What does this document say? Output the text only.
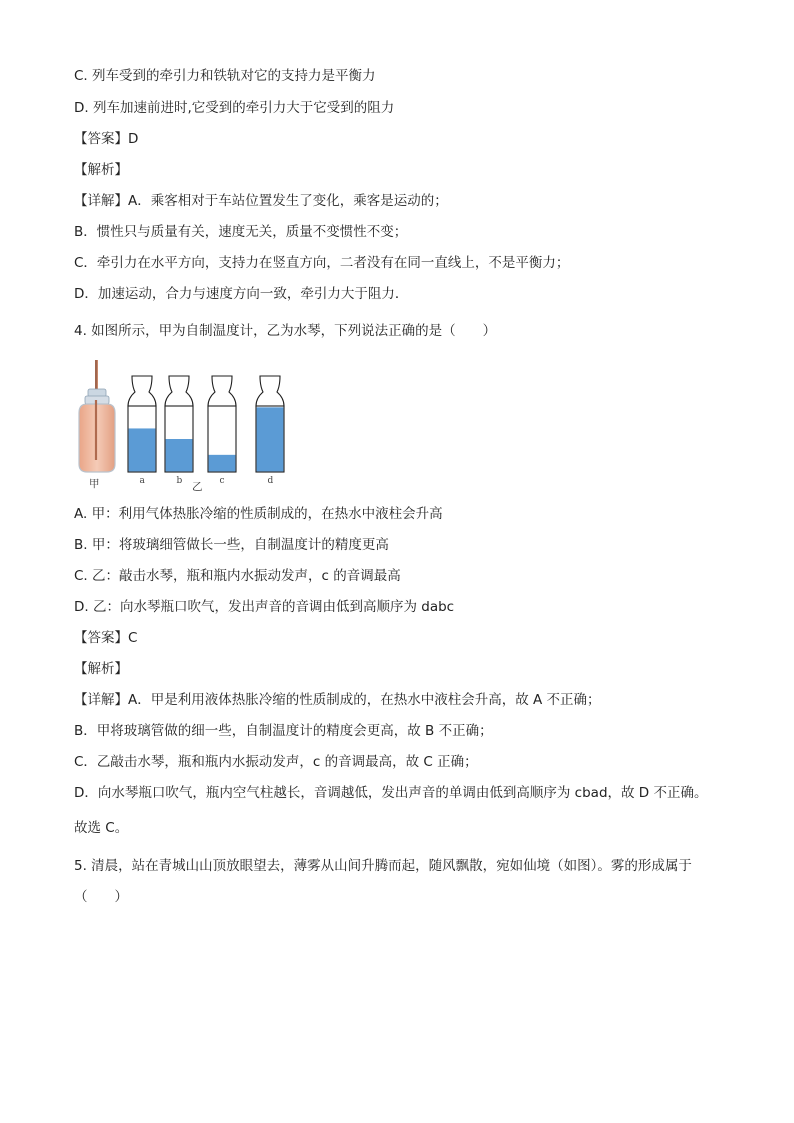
C. 列车受到的牵引力和铁轨对它的支持力是平衡力
D. 列车加速前进时,它受到的牵引力大于它受到的阻力
【答案】D
【解析】
【详解】A．乘客相对于车站位置发生了变化，乘客是运动的；
B．惯性只与质量有关，速度无关，质量不变惯性不变；
C．牵引力在水平方向，支持力在竖直方向，二者没有在同一直线上，不是平衡力；
D．加速运动，合力与速度方向一致，牵引力大于阻力．
4. 如图所示，甲为自制温度计，乙为水琴，下列说法正确的是（　　）
甲	a	b	c	d
乙
A. 甲：利用气体热胀冷缩的性质制成的，在热水中液柱会升高
B. 甲：将玻璃细管做长一些，自制温度计的精度更高
C. 乙：敲击水琴，瓶和瓶内水振动发声，c 的音调最高
D. 乙：向水琴瓶口吹气，发出声音的音调由低到高顺序为 dabc
【答案】C
【解析】
【详解】A．甲是利用液体热胀冷缩的性质制成的，在热水中液柱会升高，故 A 不正确；
B．甲将玻璃管做的细一些，自制温度计的精度会更高，故 B 不正确；
C．乙敲击水琴，瓶和瓶内水振动发声，c 的音调最高，故 C 正确；
D．向水琴瓶口吹气，瓶内空气柱越长，音调越低，发出声音的单调由低到高顺序为 cbad，故 D 不正确。
故选 C。
5. 清晨，站在青城山山顶放眼望去，薄雾从山间升腾而起，随风飘散，宛如仙境（如图）。雾的形成属于
（　　）
